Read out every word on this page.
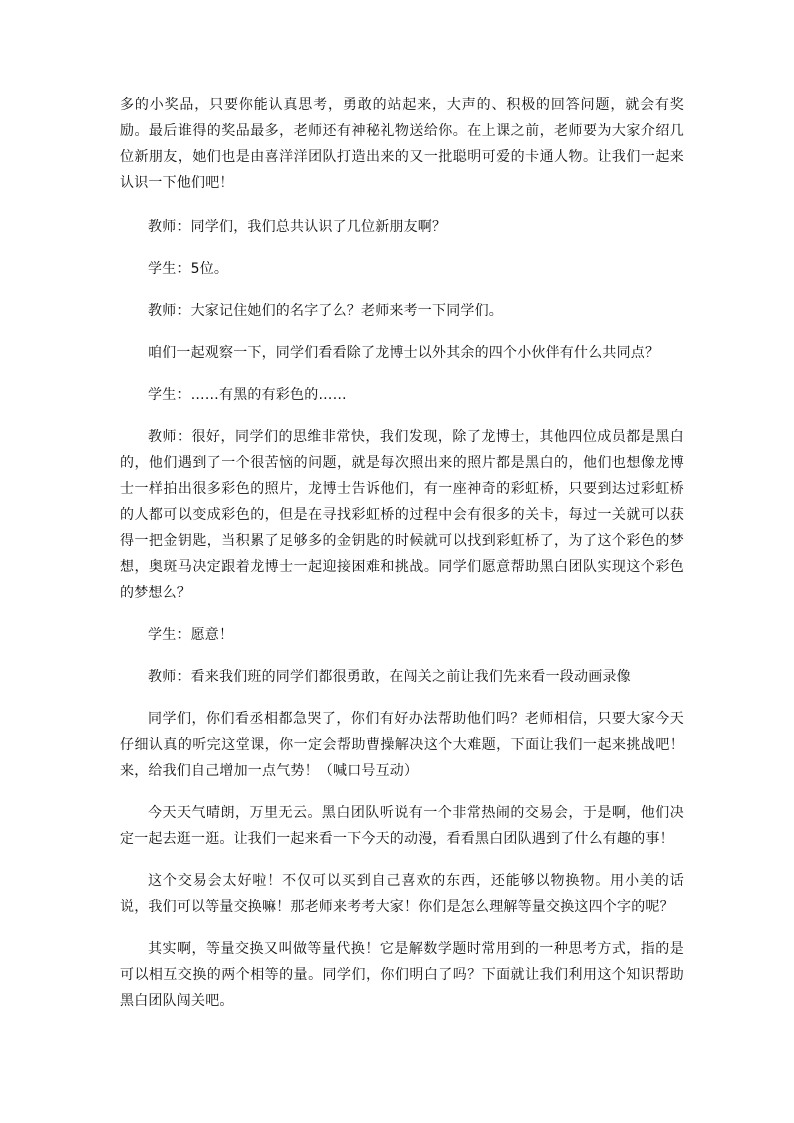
多的小奖品，只要你能认真思考，勇敢的站起来，大声的、积极的回答问题，就会有奖励。最后谁得的奖品最多，老师还有神秘礼物送给你。在上课之前，老师要为大家介绍几位新朋友，她们也是由喜洋洋团队打造出来的又一批聪明可爱的卡通人物。让我们一起来认识一下他们吧！

教师：同学们，我们总共认识了几位新朋友啊？

学生：5位。

教师：大家记住她们的名字了么？老师来考一下同学们。

咱们一起观察一下，同学们看看除了龙博士以外其余的四个小伙伴有什么共同点？

学生：……有黑的有彩色的……

教师：很好，同学们的思维非常快，我们发现，除了龙博士，其他四位成员都是黑白的，他们遇到了一个很苦恼的问题，就是每次照出来的照片都是黑白的，他们也想像龙博士一样拍出很多彩色的照片，龙博士告诉他们，有一座神奇的彩虹桥，只要到达过彩虹桥的人都可以变成彩色的，但是在寻找彩虹桥的过程中会有很多的关卡，每过一关就可以获得一把金钥匙，当积累了足够多的金钥匙的时候就可以找到彩虹桥了，为了这个彩色的梦想，奥斑马决定跟着龙博士一起迎接困难和挑战。同学们愿意帮助黑白团队实现这个彩色的梦想么？

学生：愿意！

教师：看来我们班的同学们都很勇敢，在闯关之前让我们先来看一段动画录像

同学们，你们看丞相都急哭了，你们有好办法帮助他们吗？老师相信，只要大家今天仔细认真的听完这堂课，你一定会帮助曹操解决这个大难题，下面让我们一起来挑战吧！来，给我们自己增加一点气势！（喊口号互动）

今天天气晴朗，万里无云。黑白团队听说有一个非常热闹的交易会，于是啊，他们决定一起去逛一逛。让我们一起来看一下今天的动漫，看看黑白团队遇到了什么有趣的事！

这个交易会太好啦！不仅可以买到自己喜欢的东西，还能够以物换物。用小美的话说，我们可以等量交换嘛！那老师来考考大家！你们是怎么理解等量交换这四个字的呢？

其实啊，等量交换又叫做等量代换！它是解数学题时常用到的一种思考方式，指的是可以相互交换的两个相等的量。同学们，你们明白了吗？下面就让我们利用这个知识帮助黑白团队闯关吧。
